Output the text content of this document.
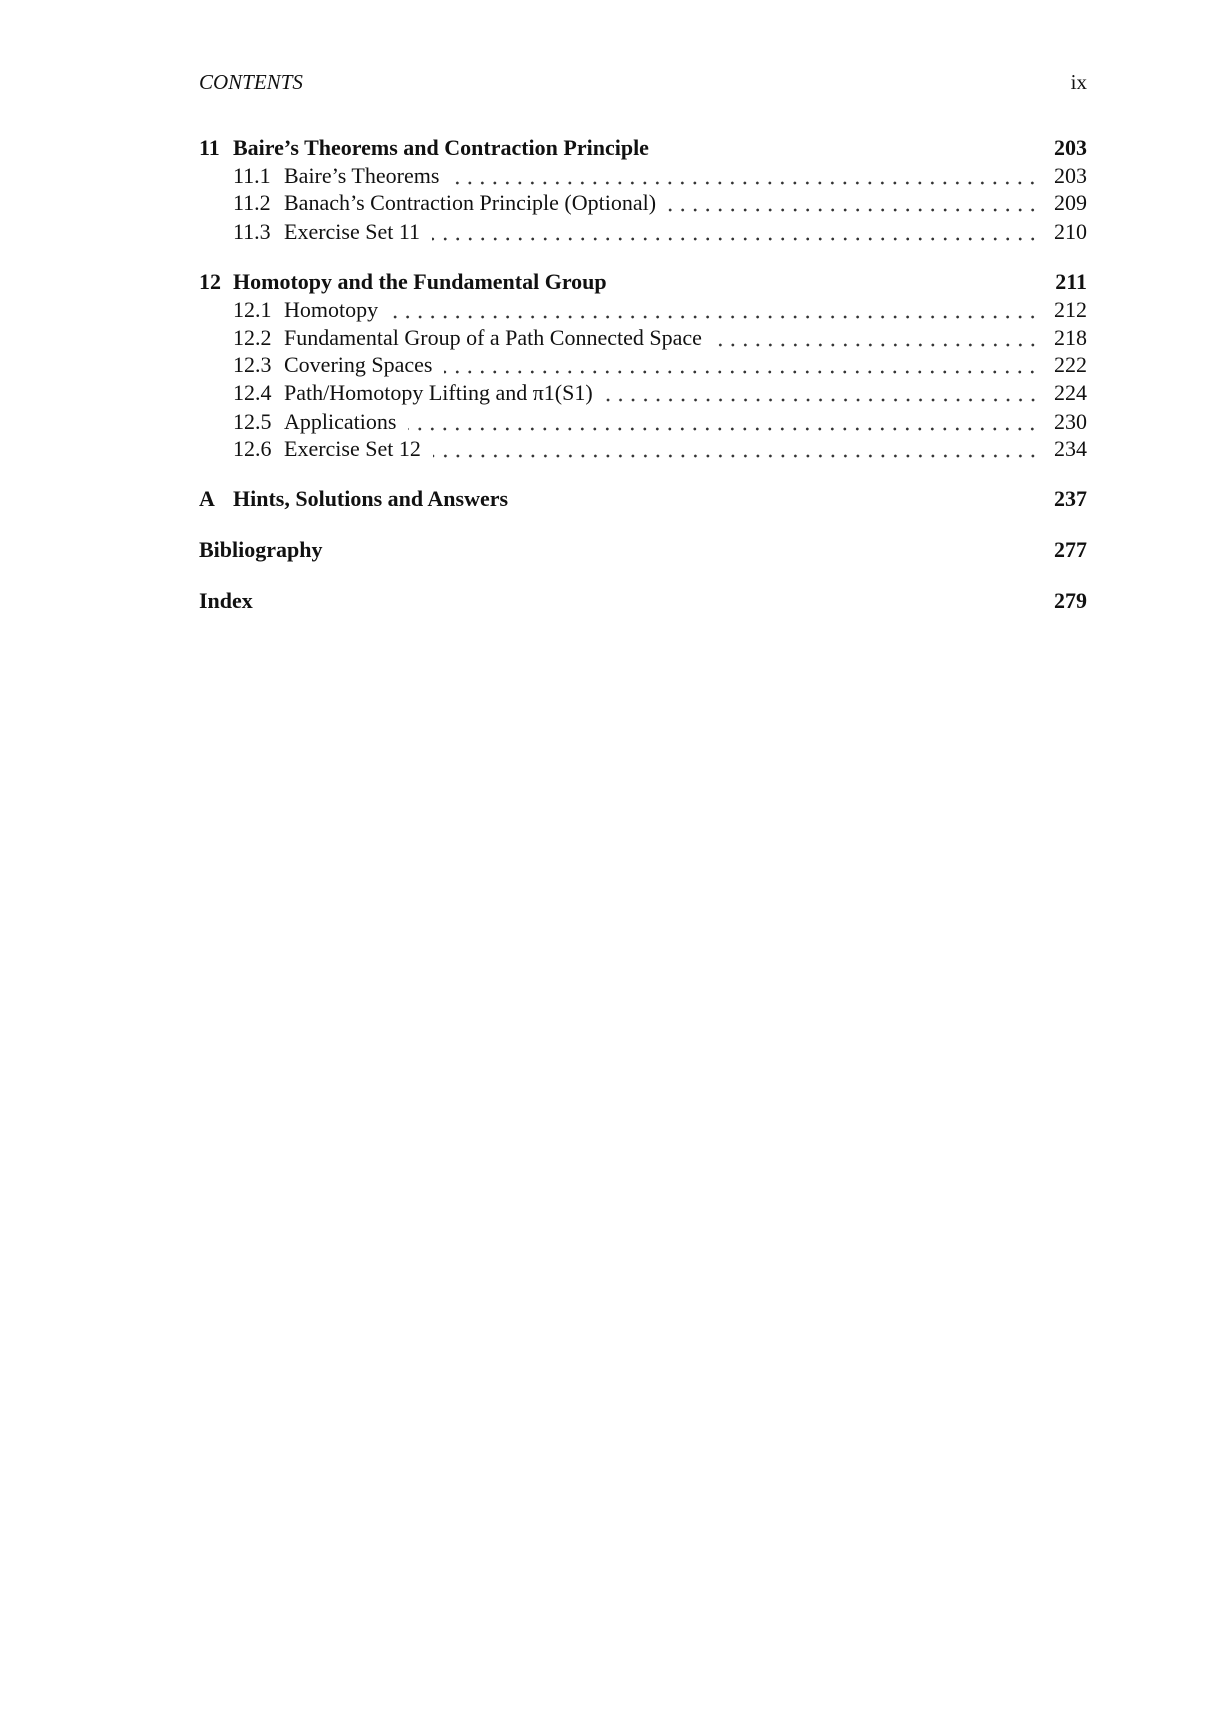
CONTENTS	ix
11 Baire’s Theorems and Contraction Principle	203
11.1 Baire’s Theorems	203
11.2 Banach’s Contraction Principle (Optional)	209
11.3 Exercise Set 11	210
12 Homotopy and the Fundamental Group	211
12.1 Homotopy	212
12.2 Fundamental Group of a Path Connected Space	218
12.3 Covering Spaces	222
12.4 Path/Homotopy Lifting and π1(S1)	224
12.5 Applications	230
12.6 Exercise Set 12	234
A Hints, Solutions and Answers	237
Bibliography	277
Index	279
